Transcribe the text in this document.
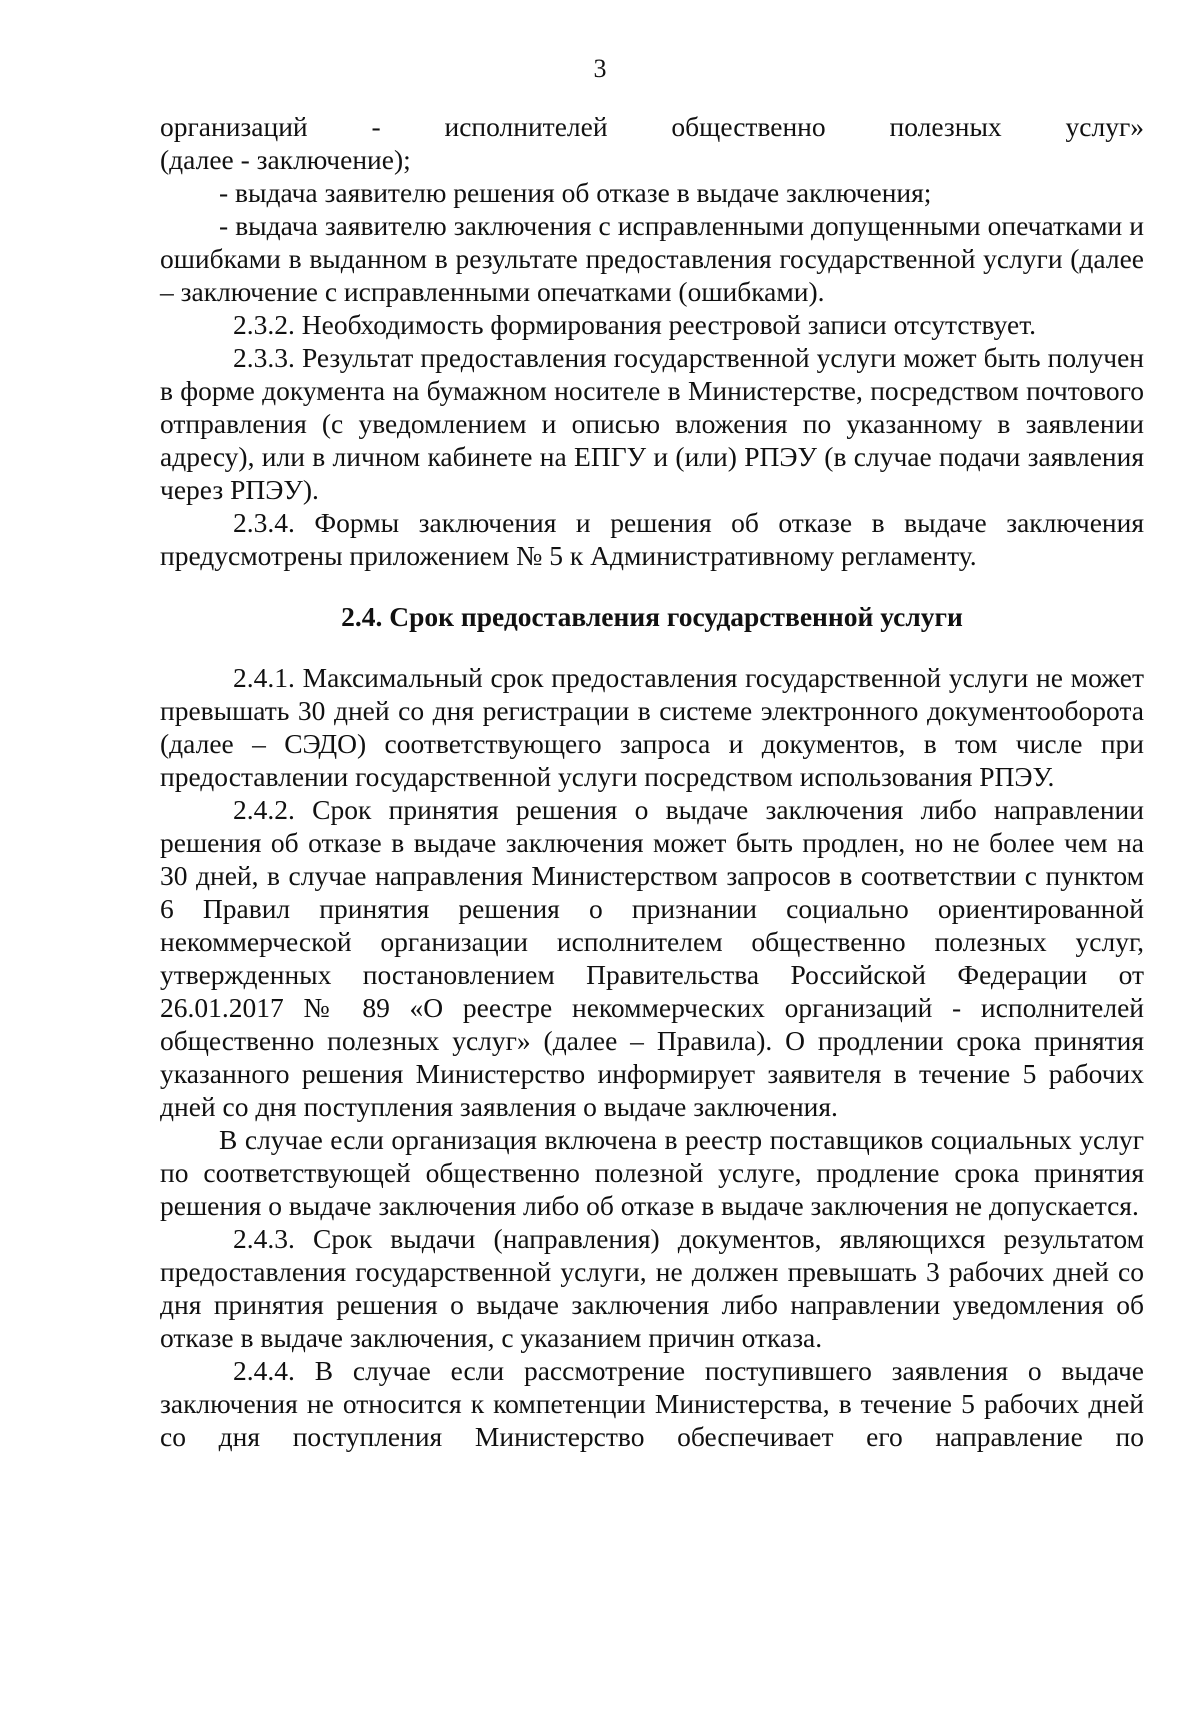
3

организаций - исполнителей общественно полезных услуг»

(далее - заключение);

- выдача заявителю решения об отказе в выдаче заключения;

- выдача заявителю заключения с исправленными допущенными опечатками и ошибками в выданном в результате предоставления государственной услуги (далее – заключение с исправленными опечатками (ошибками).

2.3.2. Необходимость формирования реестровой записи отсутствует.

2.3.3. Результат предоставления государственной услуги может быть получен в форме документа на бумажном носителе в Министерстве, посредством почтового отправления (с уведомлением и описью вложения по указанному в заявлении адресу), или в личном кабинете на ЕПГУ и (или) РПЭУ (в случае подачи заявления через РПЭУ).

2.3.4. Формы заключения и решения об отказе в выдаче заключения предусмотрены приложением № 5 к Административному регламенту.

2.4. Срок предоставления государственной услуги

2.4.1. Максимальный срок предоставления государственной услуги не может превышать 30 дней со дня регистрации в системе электронного документооборота (далее – СЭДО) соответствующего запроса и документов, в том числе при предоставлении государственной услуги посредством использования РПЭУ.

2.4.2. Срок принятия решения о выдаче заключения либо направлении решения об отказе в выдаче заключения может быть продлен, но не более чем на 30 дней, в случае направления Министерством запросов в соответствии с пунктом 6 Правил принятия решения о признании социально ориентированной некоммерческой организации исполнителем общественно полезных услуг, утвержденных постановлением Правительства Российской Федерации от 26.01.2017 № 89 «О реестре некоммерческих организаций - исполнителей общественно полезных услуг» (далее – Правила). О продлении срока принятия указанного решения Министерство информирует заявителя в течение 5 рабочих дней со дня поступления заявления о выдаче заключения.

В случае если организация включена в реестр поставщиков социальных услуг по соответствующей общественно полезной услуге, продление срока принятия решения о выдаче заключения либо об отказе в выдаче заключения не допускается.

2.4.3. Срок выдачи (направления) документов, являющихся результатом предоставления государственной услуги, не должен превышать 3 рабочих дней со дня принятия решения о выдаче заключения либо направлении уведомления об отказе в выдаче заключения, с указанием причин отказа.

2.4.4. В случае если рассмотрение поступившего заявления о выдаче заключения не относится к компетенции Министерства, в течение 5 рабочих дней со дня поступления Министерство обеспечивает его направление по
